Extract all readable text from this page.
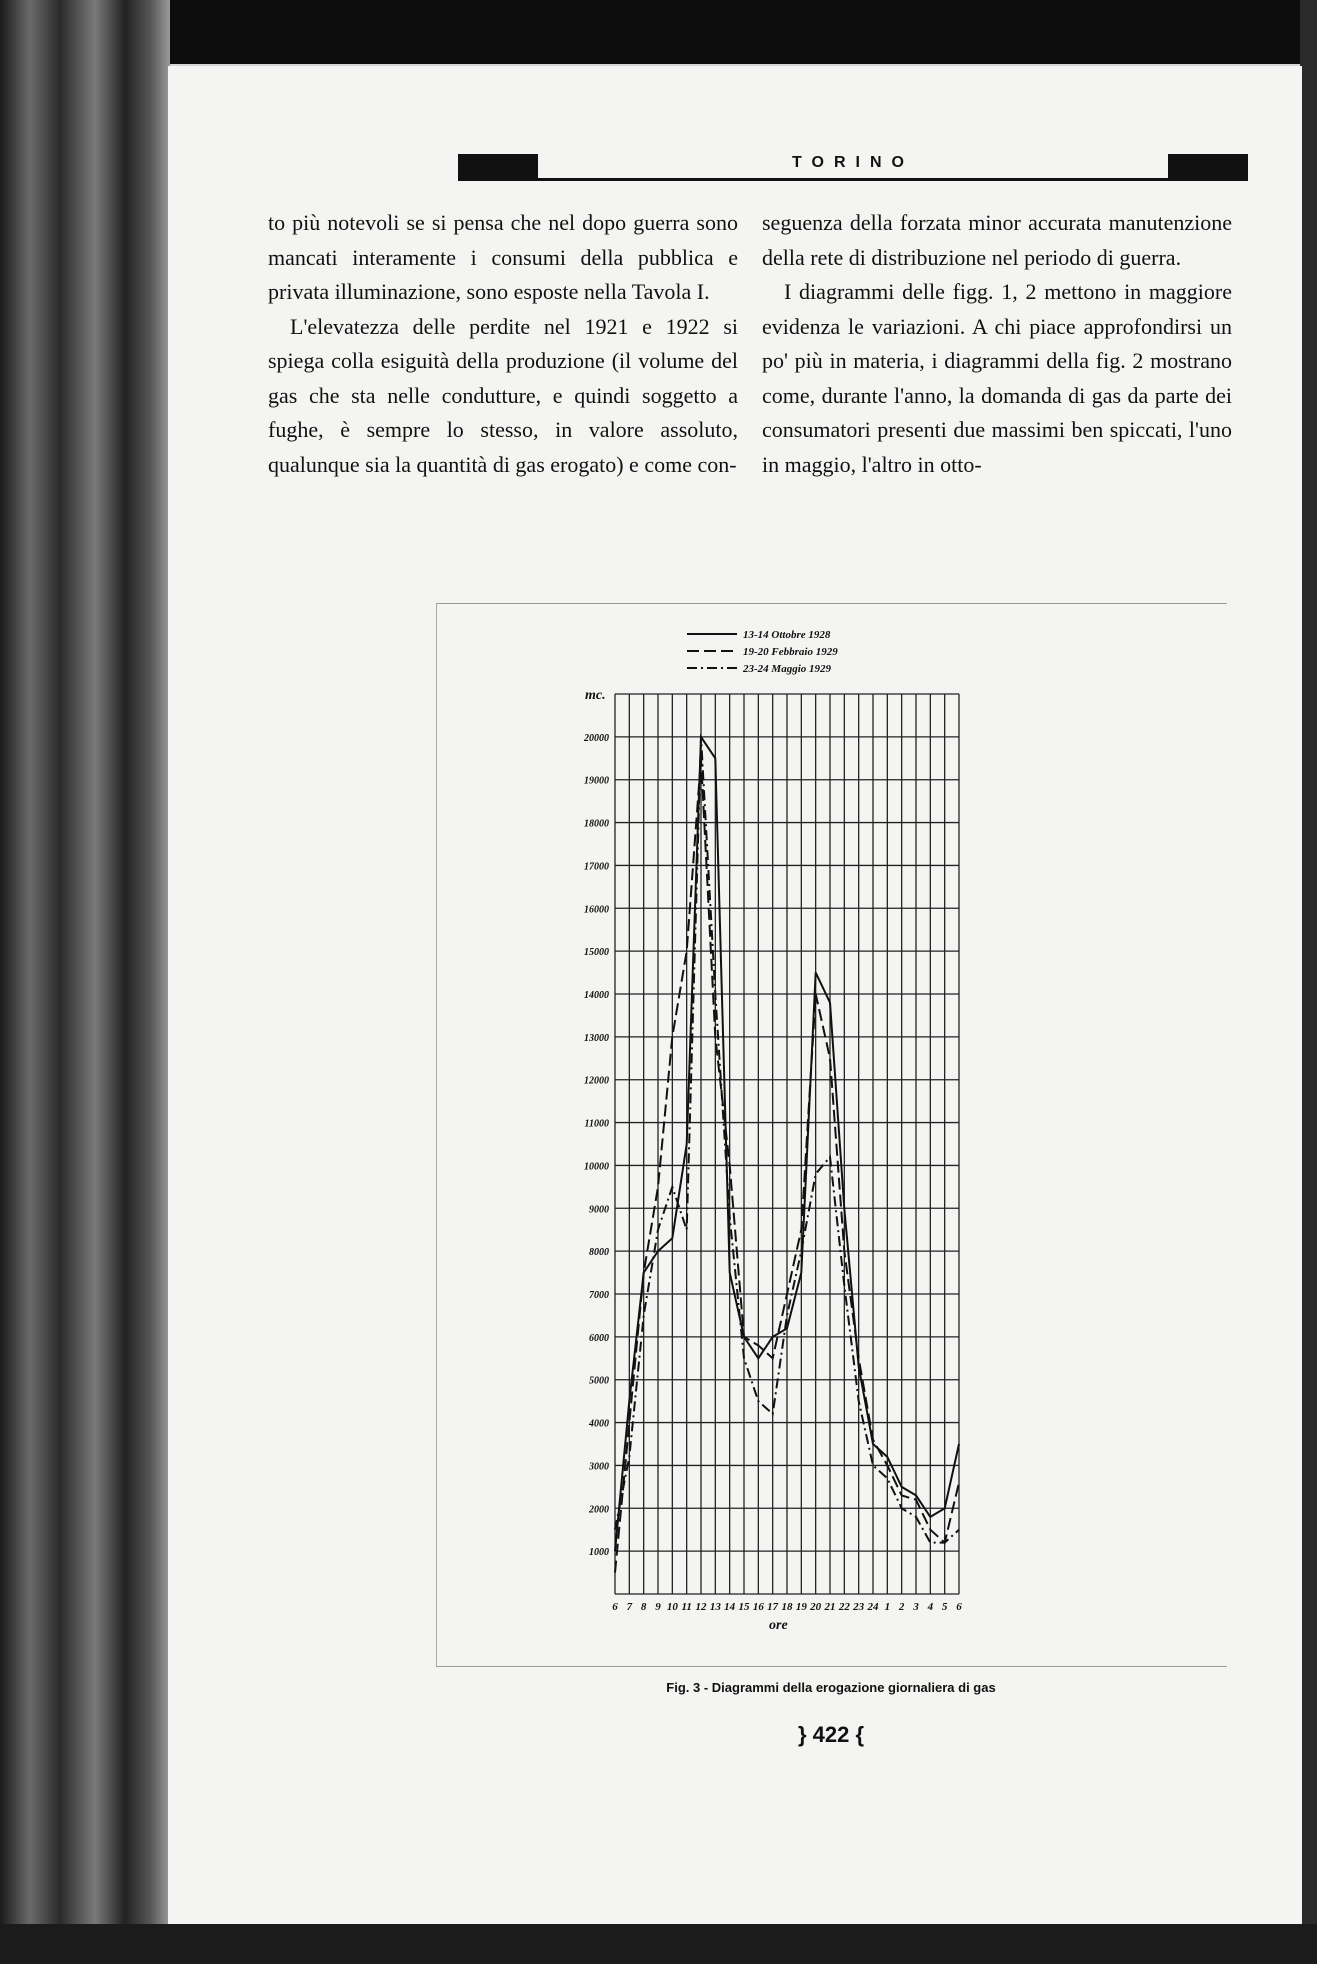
TORINO

to più notevoli se si pensa che nel dopo guerra sono mancati interamente i consumi della pubblica e privata illuminazione, sono esposte nella Tavola I.

L'elevatezza delle perdite nel 1921 e 1922 si spiega colla esiguità della produzione (il volume del gas che sta nelle condutture, e quindi soggetto a fughe, è sempre lo stesso, in valore assoluto, qualunque sia la quantità di gas erogato) e come con-

seguenza della forzata minor accurata manutenzione della rete di distribuzione nel periodo di guerra.

I diagrammi delle figg. 1, 2 mettono in maggiore evidenza le variazioni. A chi piace approfondirsi un po' più in materia, i diagrammi della fig. 2 mostrano come, durante l'anno, la domanda di gas da parte dei consumatori presenti due massimi ben spiccati, l'uno in maggio, l'altro in otto-

1000
2000
3000
4000
5000
6000
7000
8000
9000
10000
11000
12000
13000
14000
15000
16000
17000
18000
19000
20000
6 7 8 9 10 11 12 13 14 15 16 17 18 19 20 21 22 23 24 1 2 3 4 5 6
13-14 Ottobre 1928
19-20 Febbraio 1929
23-24 Maggio 1929
mc.
ore
Fig. 3 - Diagrammi della erogazione giornaliera di gas
} 422 {
